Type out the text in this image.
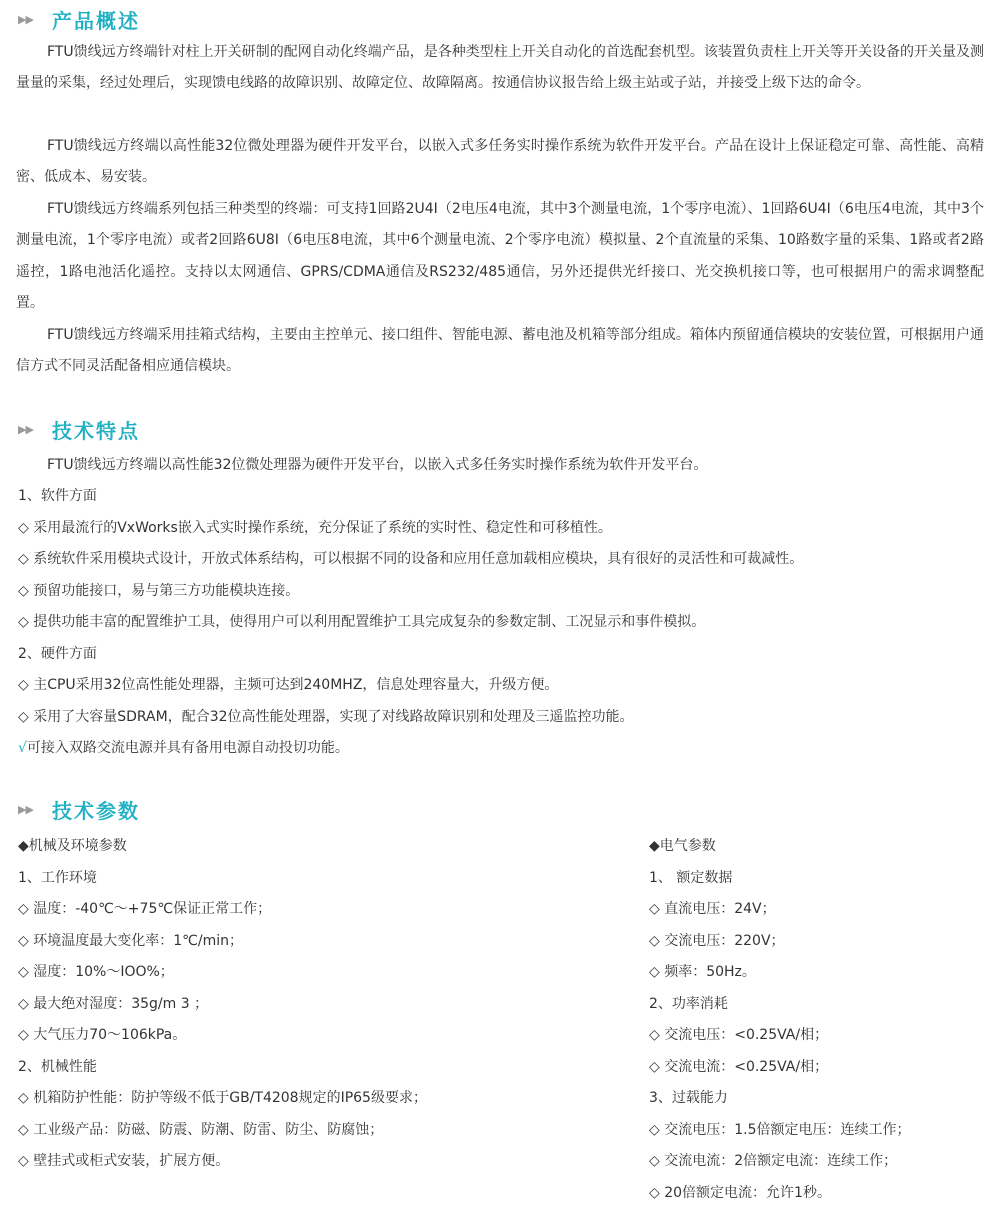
▶▶ 产品概述
FTU馈线远方终端针对柱上开关研制的配网自动化终端产品，是各种类型柱上开关自动化的首选配套机型。该装置负责柱上开关等开关设备的开关量及测量量的采集，经过处理后，实现馈电线路的故障识别、故障定位、故障隔离。按通信协议报告给上级主站或子站，并接受上级下达的命令。
FTU馈线远方终端以高性能32位微处理器为硬件开发平台，以嵌入式多任务实时操作系统为软件开发平台。产品在设计上保证稳定可靠、高性能、高精密、低成本、易安装。
FTU馈线远方终端系列包括三种类型的终端：可支持1回路2U4I（2电压4电流，其中3个测量电流，1个零序电流）、1回路6U4I（6电压4电流，其中3个测量电流，1个零序电流）或者2回路6U8I（6电压8电流，其中6个测量电流、2个零序电流）模拟量、2个直流量的采集、10路数字量的采集、1路或者2路遥控，1路电池活化遥控。支持以太网通信、GPRS/CDMA通信及RS232/485通信，另外还提供光纤接口、光交换机接口等，也可根据用户的需求调整配置。
FTU馈线远方终端采用挂箱式结构，主要由主控单元、接口组件、智能电源、蓄电池及机箱等部分组成。箱体内预留通信模块的安装位置，可根据用户通信方式不同灵活配备相应通信模块。
▶▶ 技术特点
FTU馈线远方终端以高性能32位微处理器为硬件开发平台，以嵌入式多任务实时操作系统为软件开发平台。
1、软件方面
◇ 采用最流行的VxWorks嵌入式实时操作系统，充分保证了系统的实时性、稳定性和可移植性。
◇ 系统软件采用模块式设计，开放式体系结构，可以根据不同的设备和应用任意加载相应模块，具有很好的灵活性和可裁减性。
◇ 预留功能接口，易与第三方功能模块连接。
◇ 提供功能丰富的配置维护工具，使得用户可以利用配置维护工具完成复杂的参数定制、工况显示和事件模拟。
2、硬件方面
◇ 主CPU采用32位高性能处理器，主频可达到240MHZ，信息处理容量大，升级方便。
◇ 采用了大容量SDRAM，配合32位高性能处理器，实现了对线路故障识别和处理及三遥监控功能。
√可接入双路交流电源并具有备用电源自动投切功能。
▶▶ 技术参数
◆机械及环境参数
1、工作环境
◇ 温度：-40℃～+75℃保证正常工作；
◇ 环境温度最大变化率：1℃/min；
◇ 湿度：10%～IOO%；
◇ 最大绝对湿度：35g/m 3 ；
◇ 大气压力70～106kPa。
2、机械性能
◇ 机箱防护性能：防护等级不低于GB/T4208规定的IP65级要求；
◇ 工业级产品：防磁、防震、防潮、防雷、防尘、防腐蚀；
◇ 壁挂式或柜式安装，扩展方便。
◆电气参数
1、 额定数据
◇ 直流电压：24V；
◇ 交流电压：220V；
◇ 频率：50Hz。
2、功率消耗
◇ 交流电压：<0.25VA/相；
◇ 交流电流：<0.25VA/相；
3、过载能力
◇ 交流电压：1.5倍额定电压：连续工作；
◇ 交流电流：2倍额定电流：连续工作；
◇ 20倍额定电流：允许1秒。
